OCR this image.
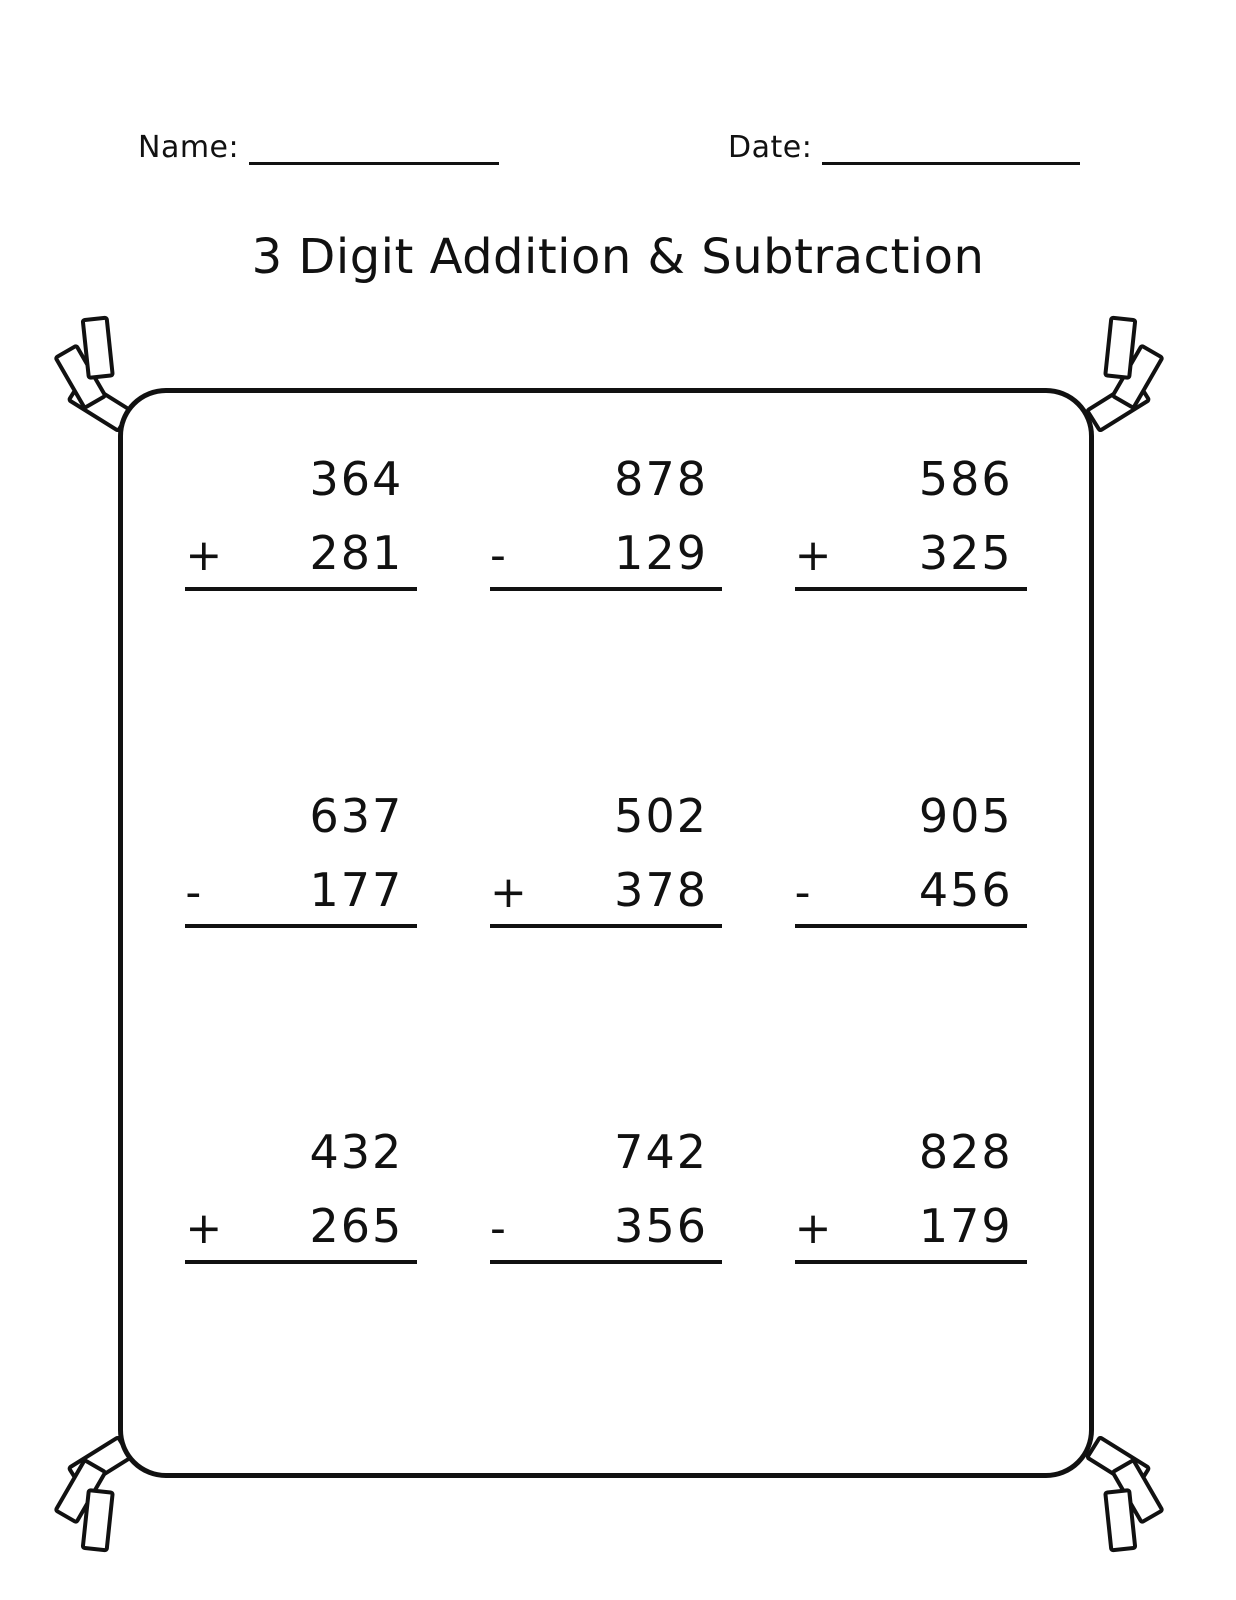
Name:	Date:
3 Digit Addition & Subtraction
364
+	281
878
-	129
586
+	325
637
-	177
502
+	378
905
-	456
432
+	265
742
-	356
828
+	179
